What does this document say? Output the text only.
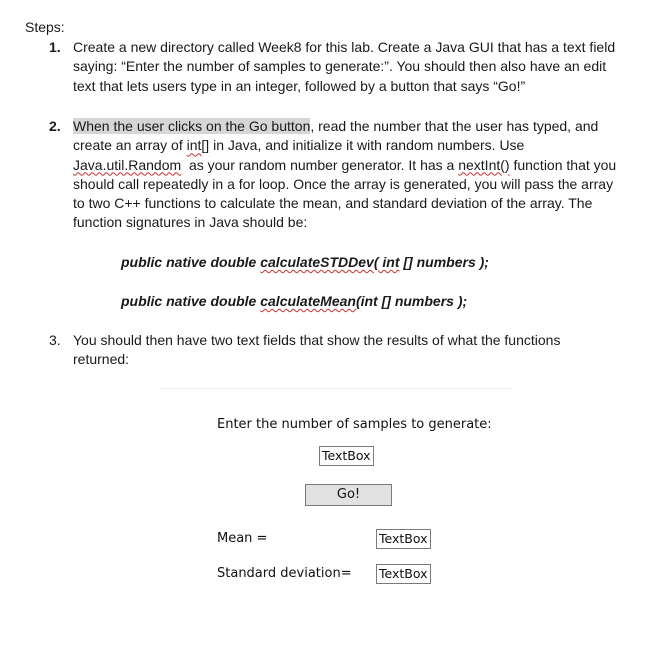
Steps:
1. Create a new directory called Week8 for this lab. Create a Java GUI that has a text field
saying: “Enter the number of samples to generate:”. You should then also have an edit
text that lets users type in an integer, followed by a button that says “Go!”
2. When the user clicks on the Go button, read the number that the user has typed, and
create an array of int[] in Java, and initialize it with random numbers. Use
Java.util.Random  as your random number generator. It has a nextInt() function that you
should call repeatedly in a for loop. Once the array is generated, you will pass the array
to two C++ functions to calculate the mean, and standard deviation of the array. The
function signatures in Java should be:
public native double calculateSTDDev( int [] numbers );
public native double calculateMean(int [] numbers );
3. You should then have two text fields that show the results of what the functions
returned:
Enter the number of samples to generate:
TextBox
Go!
Mean =	TextBox
Standard deviation= TextBox
